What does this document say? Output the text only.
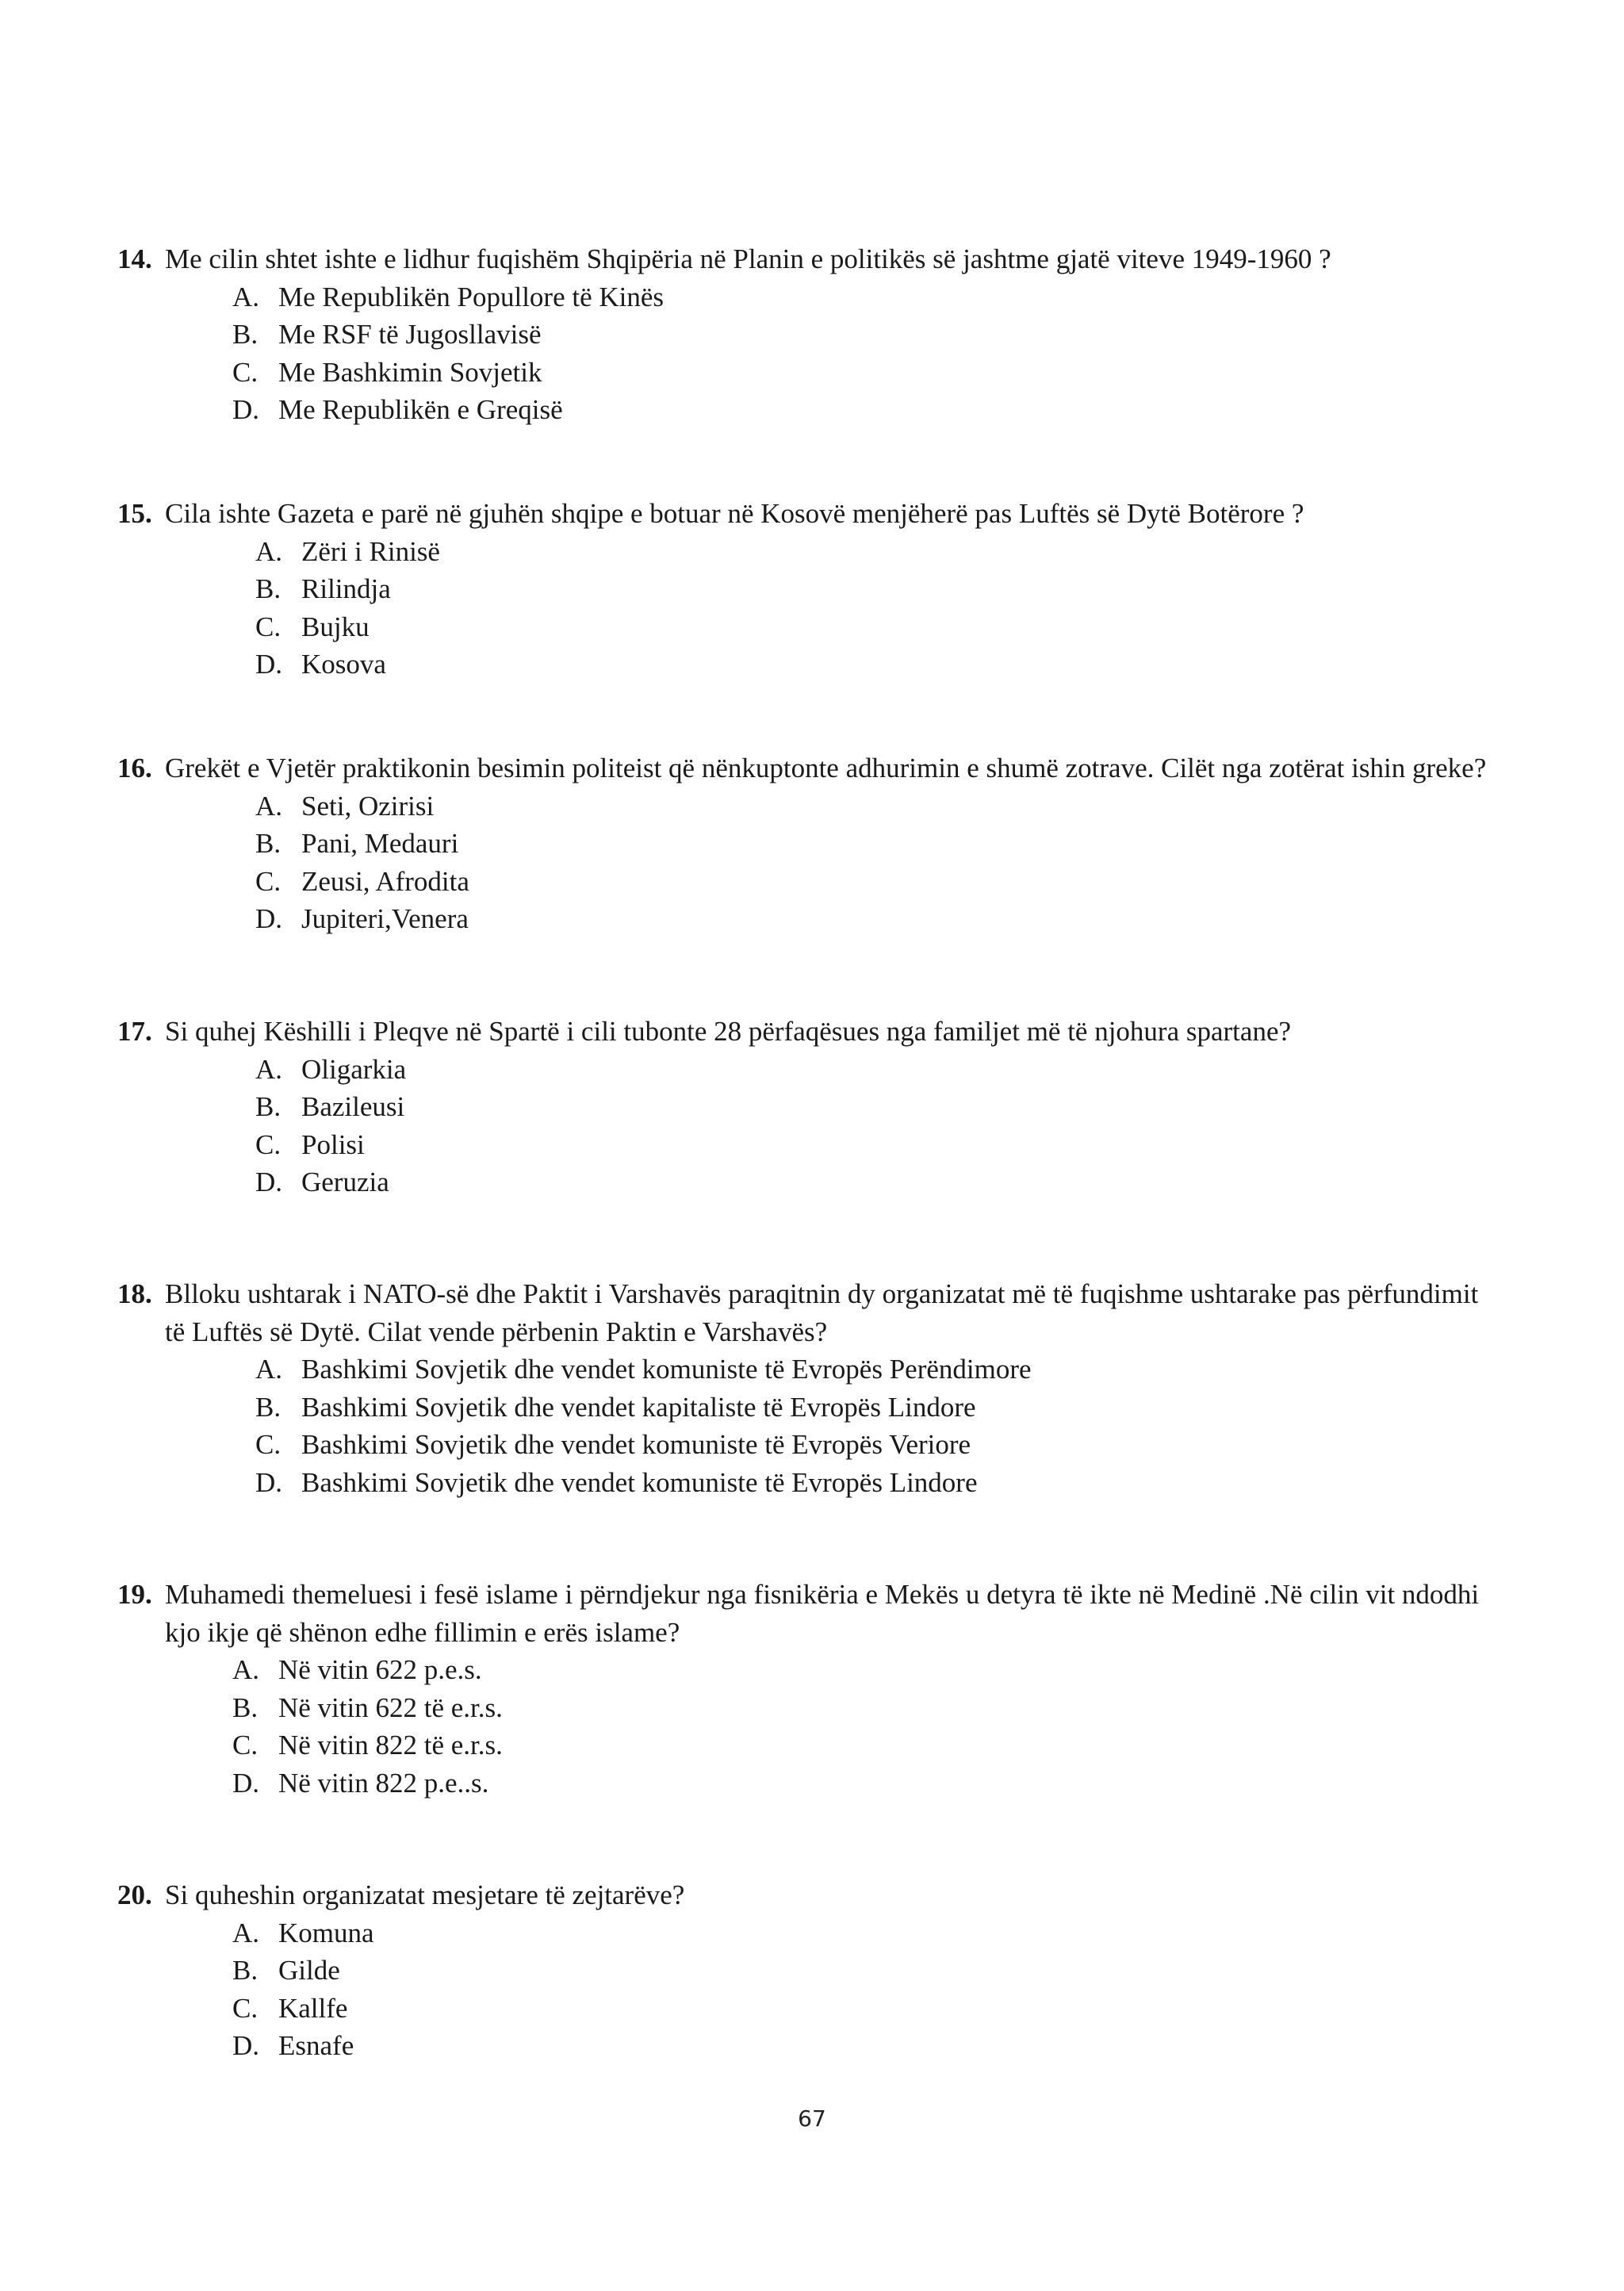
14. Me cilin shtet ishte e lidhur fuqishëm Shqipëria në Planin e politikës së jashtme gjatë viteve 1949-1960 ?
A. Me Republikën Popullore të Kinës
B. Me RSF të Jugosllavisë
C. Me Bashkimin Sovjetik
D. Me Republikën e Greqisë
15. Cila ishte Gazeta e parë në gjuhën shqipe e botuar në Kosovë menjëherë pas Luftës së Dytë Botërore ?
A. Zëri i Rinisë
B. Rilindja
C. Bujku
D. Kosova
16. Grekët e Vjetër praktikonin besimin politeist që nënkuptonte adhurimin e shumë zotrave. Cilët nga zotërat ishin greke?
A. Seti, Ozirisi
B. Pani, Medauri
C. Zeusi, Afrodita
D. Jupiteri,Venera
17. Si quhej Këshilli i Pleqve në Spartë i cili tubonte 28 përfaqësues nga familjet më të njohura spartane?
A. Oligarkia
B. Bazileusi
C. Polisi
D. Geruzia
18. Blloku ushtarak i NATO-së dhe Paktit i Varshavës paraqitnin dy organizatat më të fuqishme ushtarake pas përfundimit të Luftës së Dytë. Cilat vende përbenin Paktin e Varshavës?
A. Bashkimi Sovjetik dhe vendet komuniste të Evropës Perëndimore
B. Bashkimi Sovjetik dhe vendet kapitaliste të Evropës Lindore
C. Bashkimi Sovjetik dhe vendet komuniste të Evropës Veriore
D. Bashkimi Sovjetik dhe vendet komuniste të Evropës Lindore
19. Muhamedi themeluesi i fesë islame i përndjekur nga fisnikëria e Mekës u detyra të ikte në Medinë .Në cilin vit ndodhi kjo ikje që shënon edhe fillimin e erës islame?
A. Në vitin 622 p.e.s.
B. Në vitin 622 të e.r.s.
C. Në vitin 822 të e.r.s.
D. Në vitin 822 p.e..s.
20. Si quheshin organizatat mesjetare të zejtarëve?
A. Komuna
B. Gilde
C. Kallfe
D. Esnafe
67
